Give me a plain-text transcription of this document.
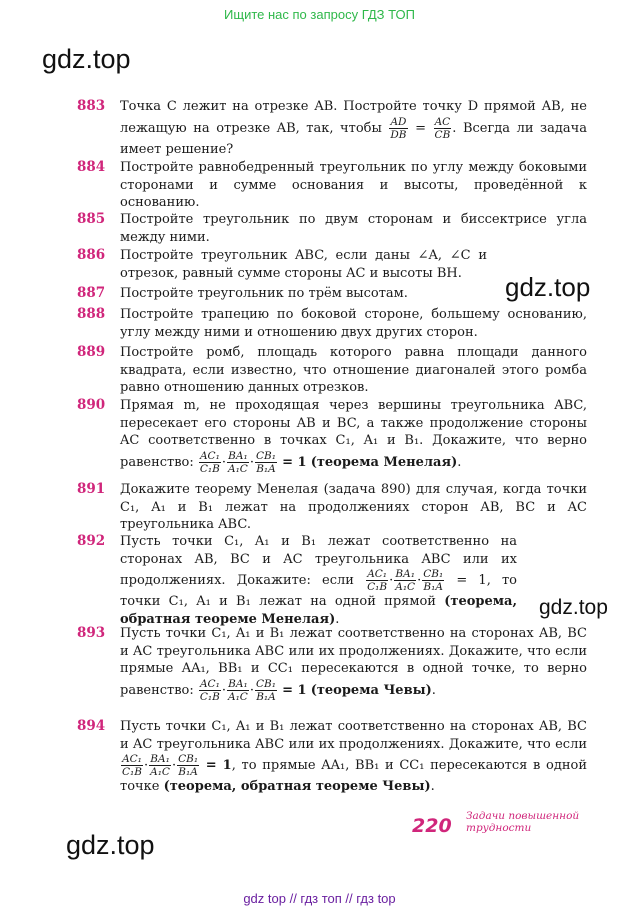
Ищите нас по запросу ГДЗ ТОП
gdz.top
gdz.top
gdz.top
gdz.top
883	Точка C лежит на отрезке AB. Постройте точку D прямой AB, не лежащую на отрезке AB, так, чтобы $\frac{AD}{DB} = \frac{AC}{CB}$ . Всегда ли задача имеет решение?
884	Постройте равнобедренный треугольник по углу между боковыми сторонами и сумме основания и высоты, проведённой к основанию.
885	Постройте треугольник по двум сторонам и биссектрисе угла между ними.
886	Постройте треугольник ABC, если даны ∠A, ∠C и отрезок, равный сумме стороны AC и высоты BH.
887	Постройте треугольник по трём высотам.
888	Постройте трапецию по боковой стороне, большему основанию, углу между ними и отношению двух других сторон.
889	Постройте ромб, площадь которого равна площади данного квадрата, если известно, что отношение диагоналей этого ромба равно отношению данных отрезков.
890	Прямая m, не проходящая через вершины треугольника ABC, пересекает его стороны AB и BC, а также продолжение стороны AC соответственно в точках C₁, A₁ и B₁. Докажите, что верно равенство: $\frac{\text{AC₁}}{\text{C₁B}} \cdot \frac{\text{BA₁}}{\text{A₁C}} \cdot \frac{\text{CB₁}}{\text{B₁A}} = 1$ (теорема Менелая).
891	Докажите теорему Менелая (задача 890) для случая, когда точки C₁, A₁ и B₁ лежат на продолжениях сторон AB, BC и AC треугольника ABC.
892	Пусть точки C₁, A₁ и B₁ лежат соответственно на сторонах AB, BC и AC треугольника ABC или их продолжениях. Докажите: если $\frac{\text{AC₁}}{\text{C₁B}} \cdot \frac{\text{BA₁}}{\text{A₁C}} \cdot \frac{\text{CB₁}}{\text{B₁A}} = 1$, то точки C₁, A₁ и B₁ лежат на одной прямой (теорема, обратная теореме Менелая).
893	Пусть точки C₁, A₁ и B₁ лежат соответственно на сторонах AB, BC и AC треугольника ABC или их продолжениях. Докажите, что если прямые AA₁, BB₁ и CC₁ пересекаются в одной точке, то верно равенство: $\frac{\text{AC₁}}{\text{C₁B}} \cdot \frac{\text{BA₁}}{\text{A₁C}} \cdot \frac{\text{CB₁}}{\text{B₁A}} = 1$ (теорема Чевы).
894	Пусть точки C₁, A₁ и B₁ лежат соответственно на сторонах AB, BC и AC треугольника ABC или их продолжениях. Докажите, что если
$\frac{\text{AC₁}}{\text{C₁B}} \cdot \frac{\text{BA₁}}{\text{A₁C}} \cdot \frac{\text{CB₁}}{\text{B₁A}} = 1$, то прямые AA₁, BB₁ и CC₁ пересекаются в одной точке (теорема, обратная теореме Чевы).
220 Задачи повышенной
трудности
gdz top // гдз топ // гдз top
